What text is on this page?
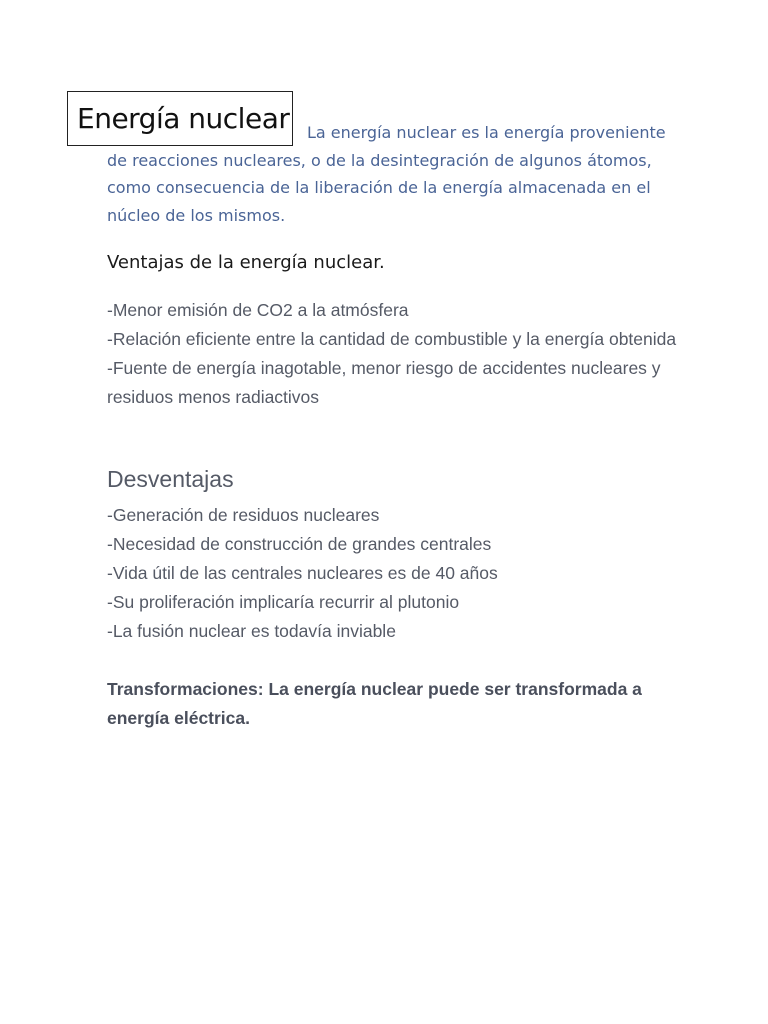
Energía nuclear	La energía nuclear es la energía proveniente de reacciones nucleares, o de la desintegración de algunos átomos, como consecuencia de la liberación de la energía almacenada en el núcleo de los mismos.

Ventajas de la energía nuclear.

-Menor emisión de CO2 a la atmósfera

-Relación eficiente entre la cantidad de combustible y la energía obtenida

-Fuente de energía inagotable, menor riesgo de accidentes nucleares y residuos menos radiactivos

Desventajas

-Generación de residuos nucleares

-Necesidad de construcción de grandes centrales

-Vida útil de las centrales nucleares es de 40 años

-Su proliferación implicaría recurrir al plutonio

-La fusión nuclear es todavía inviable

Transformaciones: La energía nuclear puede ser transformada a energía eléctrica.
